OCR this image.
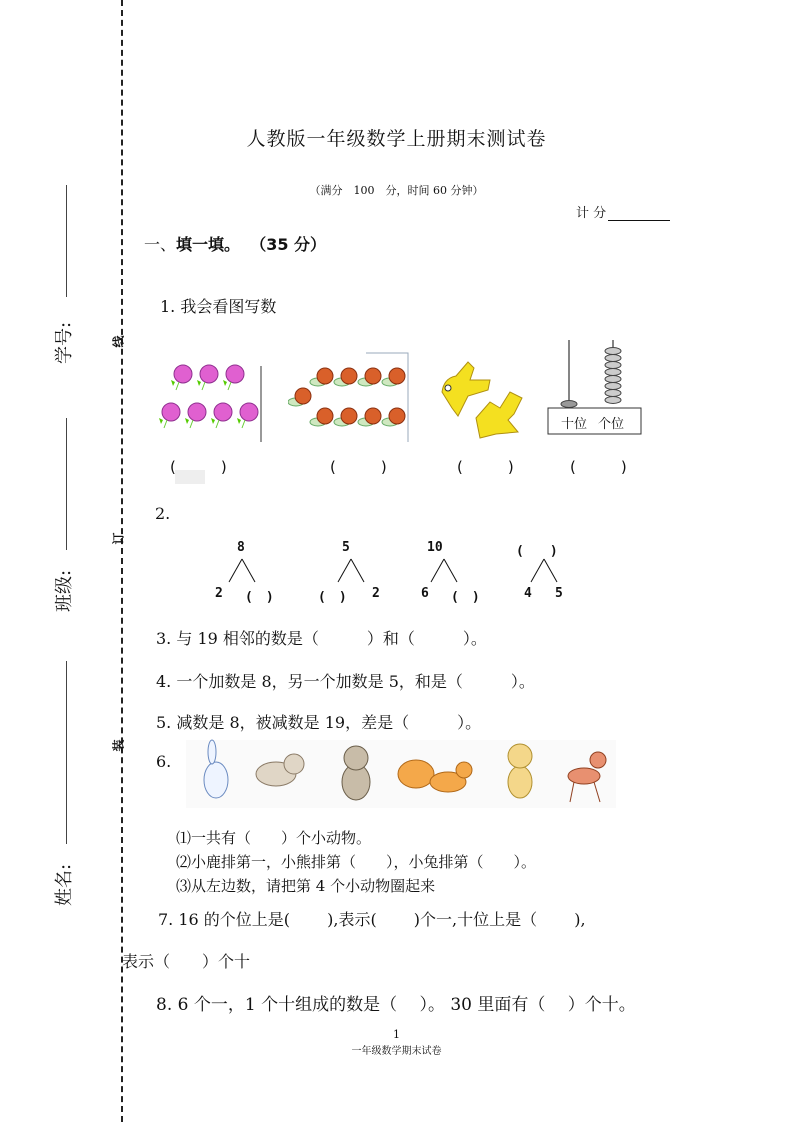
线
订
装
学号:
班级:
姓名:
人教版一年级数学上册期末测试卷
（满分　100　分，时间 60 分钟）
计 分
一、填一填。 （35 分）
1. 我会看图写数
十位 个位
(　　　)	(　　　)	(　　　)	(　　　)
2.
8
2 (　)
5
(　) 2
10
6 (　)
(　　)
4 5
3. 与 19 相邻的数是（　　　）和（　　　）。
4. 一个加数是 8，另一个加数是 5，和是（　　　）。
5. 减数是 8，被减数是 19，差是（　　　）。
6.
⑴一共有（　　）个小动物。
⑵小鹿排第一，小熊排第（　　），小兔排第（　　）。
⑶从左边数，请把第 4 个小动物圈起来
7. 16 的个位上是(　　 ),表示(　　 )个一,十位上是（　　 ),
表示（　　）个十
8. 6 个一，1 个十组成的数是（　 ）。 30 里面有（　 ）个十。
1
一年级数学期末试卷
